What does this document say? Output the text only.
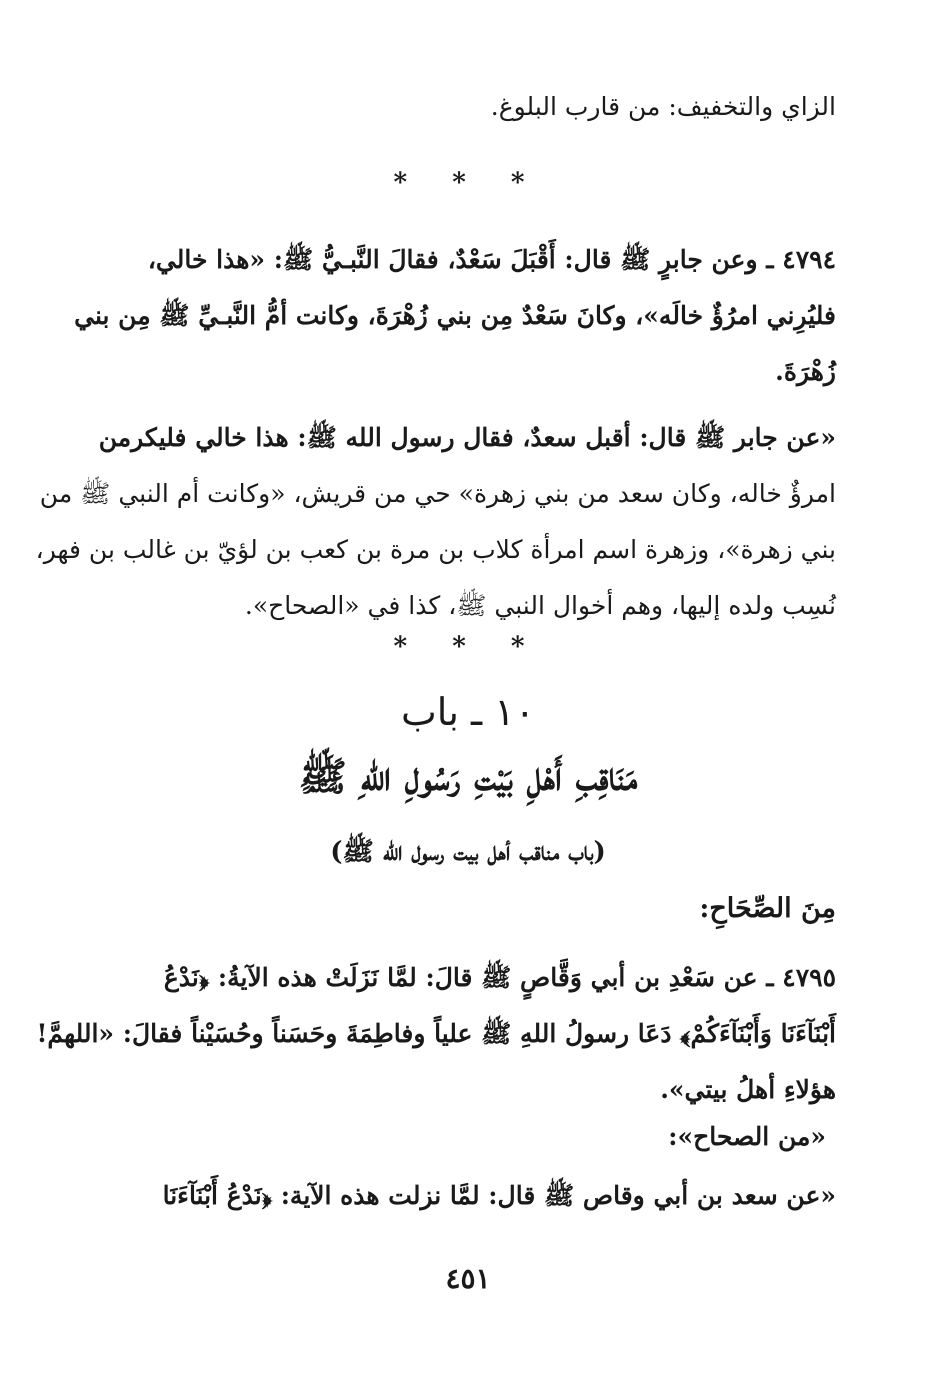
الزاي والتخفيف: من قارب البلوغ.
* * *
٤٧٩٤ ـ وعن جابرٍ ﷺ قال: أَقْبَلَ سَعْدٌ، فقالَ النَّبـيُّ ﷺ: «هذا خالي،
فليُرِني امرُؤٌ خالَه»، وكانَ سَعْدٌ مِن بني زُهْرَةَ، وكانت أمُّ النَّبـيِّ ﷺ مِن بني
زُهْرَةَ.
«عن جابر ﷺ قال: أقبل سعدٌ، فقال رسول الله ﷺ: هذا خالي فليكرمن
امرؤٌ خاله، وكان سعد من بني زهرة» حي من قريش، «وكانت أم النبي ﷺ من
بني زهرة»، وزهرة اسم امرأة كلاب بن مرة بن كعب بن لؤيّ بن غالب بن فهر،
نُسِب ولده إليها، وهم أخوال النبي ﷺ، كذا في «الصحاح».
* * *
١٠ ـ باب
مَنَاقِبِ أَهْلِ بَيْتِ رَسُولِ اللهِ ﷺ
(باب مناقب أهل بيت رسول الله ﷺ)
مِنَ الصِّحَاحِ:
٤٧٩٥ ـ عن سَعْدِ بن أبي وَقَّاصٍ ﷺ قالَ: لمَّا نَزَلَتْ هذه الآيةُ: ﴿نَدْعُ
أَبْنَآءَنَا وَأَبْنَآءَكُمْ﴾ دَعَا رسولُ اللهِ ﷺ علياً وفاطِمَةَ وحَسَناً وحُسَيْناً فقالَ: «اللهمَّ!
هؤلاءِ أهلُ بيتي».
«من الصحاح»:
«عن سعد بن أبي وقاص ﷺ قال: لمَّا نزلت هذه الآية: ﴿نَدْعُ أَبْنَآءَنَا
٤٥١
